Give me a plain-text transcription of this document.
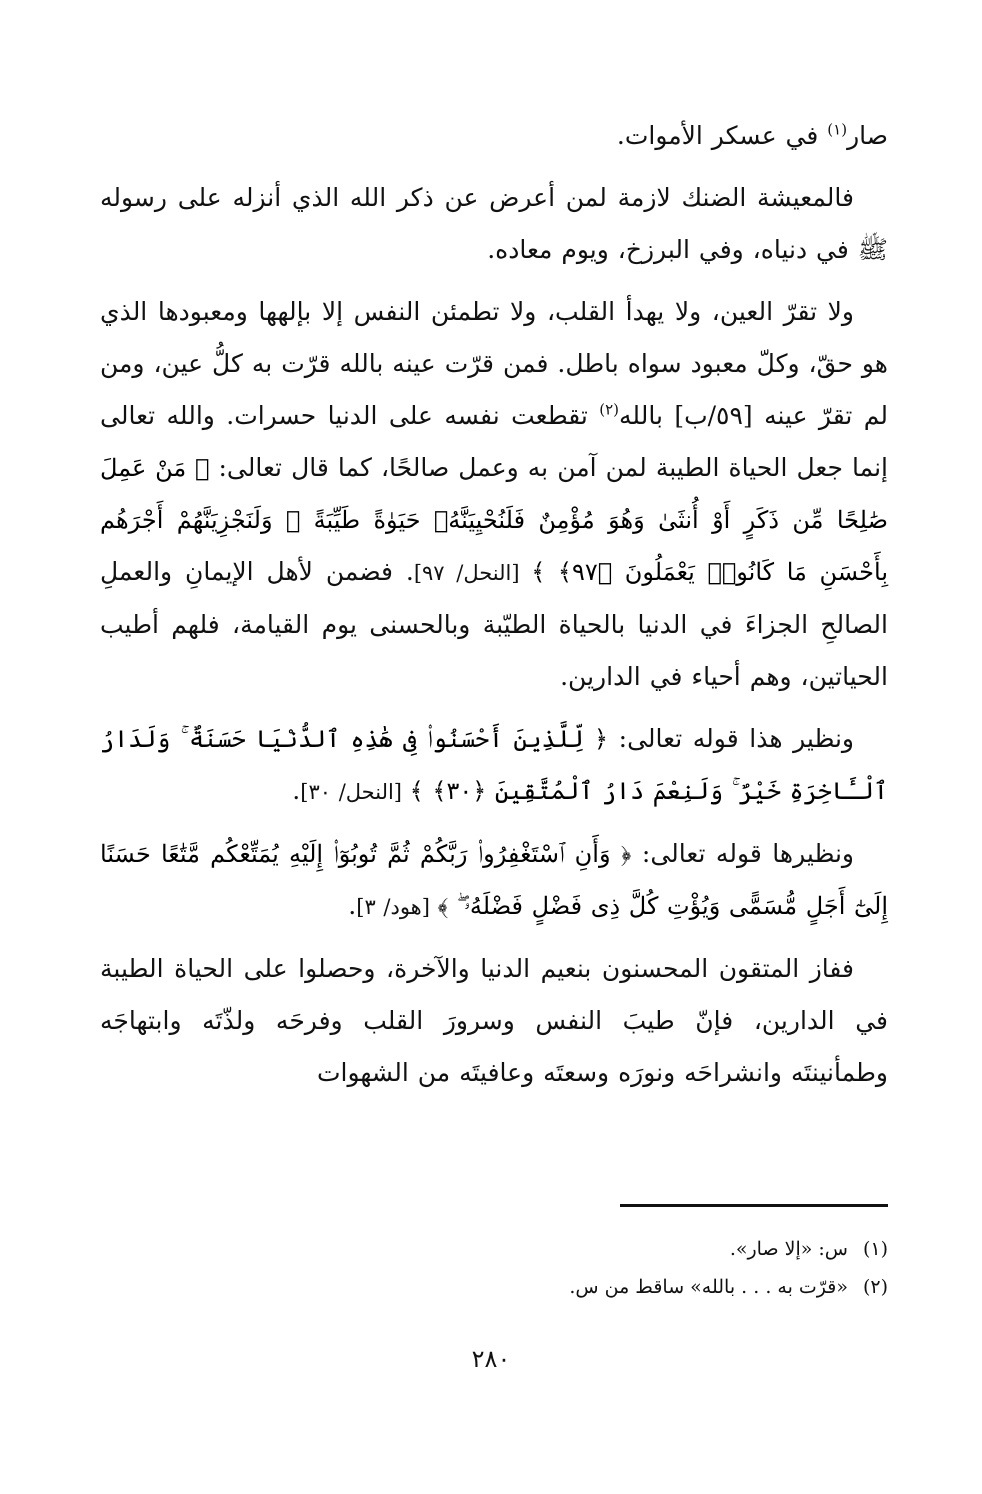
صار$^{(١)}$ في عسكر الأموات.

فالمعيشة الضنك لازمة لمن أعرض عن ذكر الله الذي أنزله على رسوله ﷺ في دنياه، وفي البرزخ، ويوم معاده.

ولا تقرّ العين، ولا يهدأ القلب، ولا تطمئن النفس إلا بإلهها ومعبودها الذي هو حقّ، وكلّ معبود سواه باطل. فمن قرّت عينه بالله قرّت به كلُّ عين، ومن لم تقرّ عينه [٥٩/ب] بالله$^{(٢)}$ تقطعت نفسه على الدنيا حسرات. والله تعالى إنما جعل الحياة الطيبة لمن آمن به وعمل صالحًا، كما قال تعالى: ﴿ مَنْ عَمِلَ صَٰلِحًا مِّن ذَكَرٍ أَوْ أُنثَىٰ وَهُوَ مُؤْمِنٌ فَلَنُحْيِيَنَّهُۥ حَيَوٰةً طَيِّبَةً ۖ وَلَنَجْزِيَنَّهُمْ أَجْرَهُم بِأَحْسَنِ مَا كَانُوا۟ يَعْمَلُونَ ﴿٩٧﴾ ﴾ [النحل/ ٩٧]. فضمن لأهل الإيمانِ والعملِ الصالحِ الجزاءَ في الدنيا بالحياة الطيّبة وبالحسنى يوم القيامة، فلهم أطيب الحياتين، وهم أحياء في الدارين.

ونظير هذا قوله تعالى: ﴿ لِّلَّذِينَ أَحْسَنُوا۟ فِى هَٰذِهِ ٱلدُّنْيَا حَسَنَةٌ ۚ وَلَدَارُ ٱلْـَٔاخِرَةِ خَيْرٌ ۚ وَلَنِعْمَ دَارُ ٱلْمُتَّقِينَ ﴿٣٠﴾ ﴾ [النحل/ ٣٠].

ونظيرها قوله تعالى: ﴿ وَأَنِ ٱسْتَغْفِرُوا۟ رَبَّكُمْ ثُمَّ تُوبُوٓا۟ إِلَيْهِ يُمَتِّعْكُم مَّتَٰعًا حَسَنًا إِلَىٰٓ أَجَلٍ مُّسَمًّى وَيُؤْتِ كُلَّ ذِى فَضْلٍ فَضْلَهُۥ ۖ ﴾ [هود/ ٣].

ففاز المتقون المحسنون بنعيم الدنيا والآخرة، وحصلوا على الحياة الطيبة في الدارين، فإنّ طيبَ النفس وسرورَ القلب وفرحَه ولذّتَه وابتهاجَه وطمأنينتَه وانشراحَه ونورَه وسعتَه وعافيتَه من الشهوات

(١)س: «إلا صار».

(٢)«قرّت به . . . بالله» ساقط من س.

٢٨٠
